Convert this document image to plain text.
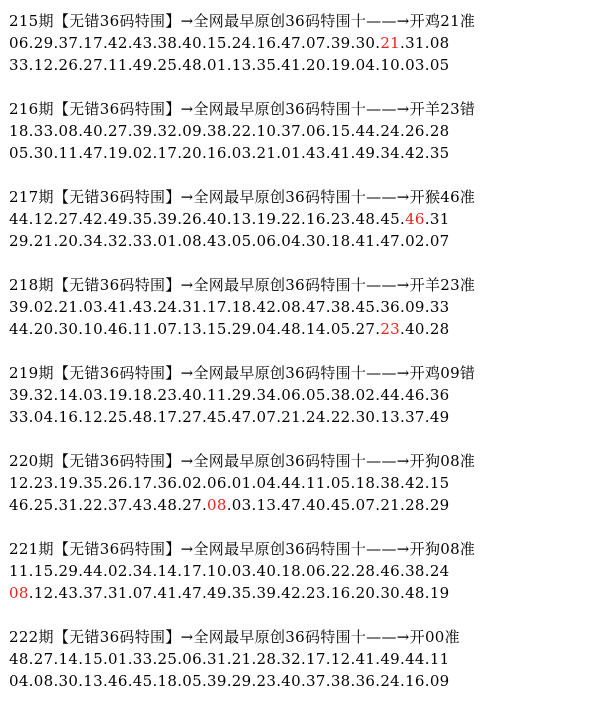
215期【无错36码特围】→全网最早原创36码特围十——→开鸡21准
06.29.37.17.42.43.38.40.15.24.16.47.07.39.30.21.31.08
33.12.26.27.11.49.25.48.01.13.35.41.20.19.04.10.03.05
216期【无错36码特围】→全网最早原创36码特围十——→开羊23错
18.33.08.40.27.39.32.09.38.22.10.37.06.15.44.24.26.28
05.30.11.47.19.02.17.20.16.03.21.01.43.41.49.34.42.35
217期【无错36码特围】→全网最早原创36码特围十——→开猴46准
44.12.27.42.49.35.39.26.40.13.19.22.16.23.48.45.46.31
29.21.20.34.32.33.01.08.43.05.06.04.30.18.41.47.02.07
218期【无错36码特围】→全网最早原创36码特围十——→开羊23准
39.02.21.03.41.43.24.31.17.18.42.08.47.38.45.36.09.33
44.20.30.10.46.11.07.13.15.29.04.48.14.05.27.23.40.28
219期【无错36码特围】→全网最早原创36码特围十——→开鸡09错
39.32.14.03.19.18.23.40.11.29.34.06.05.38.02.44.46.36
33.04.16.12.25.48.17.27.45.47.07.21.24.22.30.13.37.49
220期【无错36码特围】→全网最早原创36码特围十——→开狗08准
12.23.19.35.26.17.36.02.06.01.04.44.11.05.18.38.42.15
46.25.31.22.37.43.48.27.08.03.13.47.40.45.07.21.28.29
221期【无错36码特围】→全网最早原创36码特围十——→开狗08准
11.15.29.44.02.34.14.17.10.03.40.18.06.22.28.46.38.24
08.12.43.37.31.07.41.47.49.35.39.42.23.16.20.30.48.19
222期【无错36码特围】→全网最早原创36码特围十——→开00准
48.27.14.15.01.33.25.06.31.21.28.32.17.12.41.49.44.11
04.08.30.13.46.45.18.05.39.29.23.40.37.38.36.24.16.09
